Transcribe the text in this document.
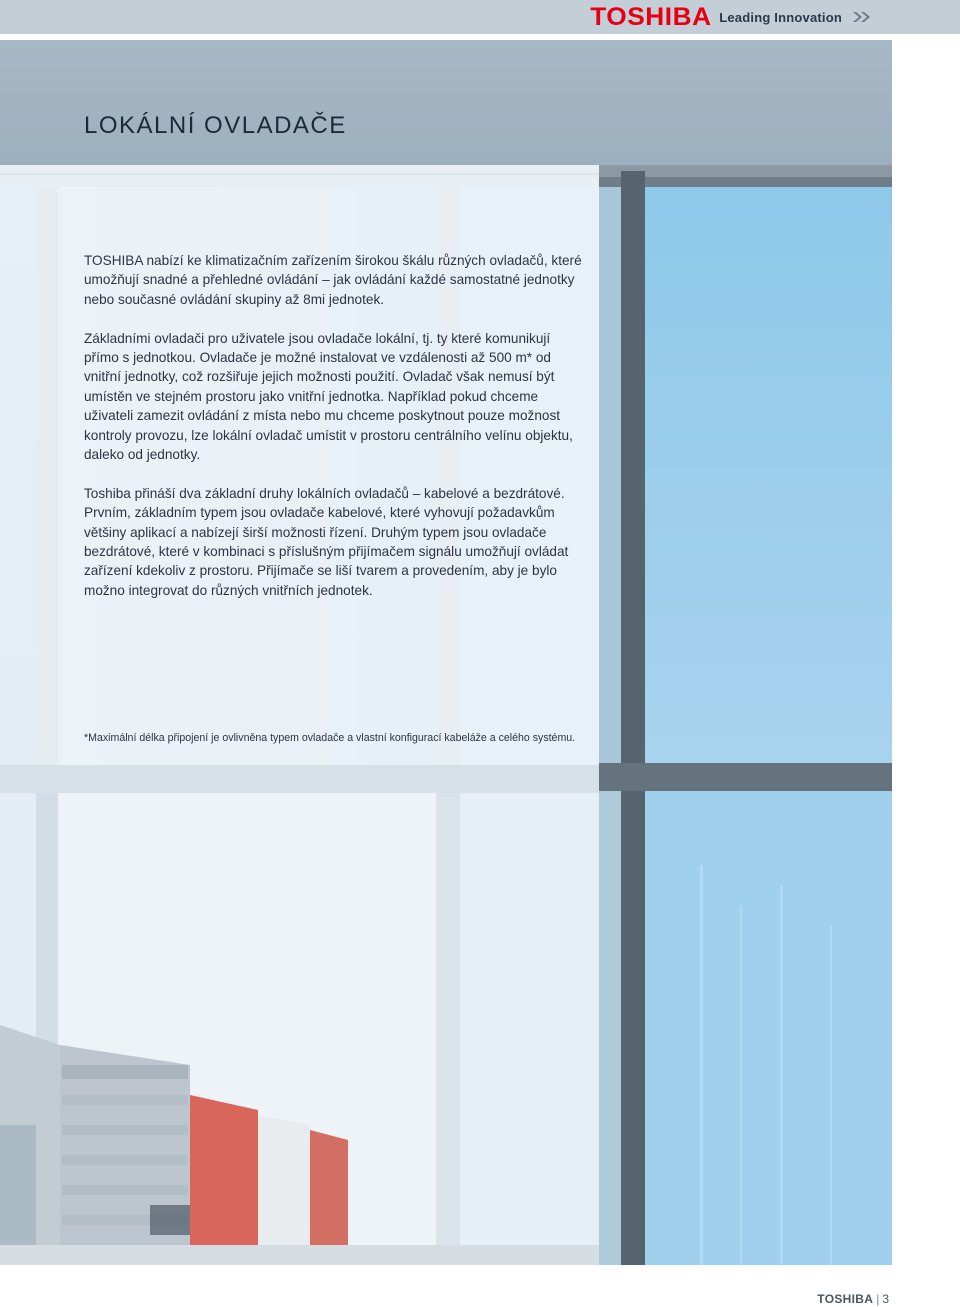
TOSHIBA Leading Innovation
LOKÁLNÍ OVLADAČE

TOSHIBA nabízí ke klimatizačním zařízením širokou škálu různých ovladačů, které umožňují snadné a přehledné ovládání – jak ovládání každé samostatné jednotky nebo současné ovládání skupiny až 8mi jednotek.

Základními ovladači pro uživatele jsou ovladače lokální, tj. ty které komunikují přímo s jednotkou. Ovladače je možné instalovat ve vzdálenosti až 500 m* od vnitřní jednotky, což rozšiřuje jejich možnosti použití. Ovladač však nemusí být umístěn ve stejném prostoru jako vnitřní jednotka. Například pokud chceme uživateli zamezit ovládání z místa nebo mu chceme poskytnout pouze možnost kontroly provozu, lze lokální ovladač umístit v prostoru centrálního velínu objektu, daleko od jednotky.

Toshiba přináší dva základní druhy lokálních ovladačů – kabelové a bezdrátové. Prvním, základním typem jsou ovladače kabelové, které vyhovují požadavkům většiny aplikací a nabízejí širší možnosti řízení. Druhým typem jsou ovladače bezdrátové, které v kombinaci s příslušným přijímačem signálu umožňují ovládat zařízení kdekoliv z prostoru. Přijímače se liší tvarem a provedením, aby je bylo možno integrovat do různých vnitřních jednotek.

*Maximální délka připojení je ovlivněna typem ovladače a vlastní konfigurací kabeláže a celého systému.
TOSHIBA | 3
